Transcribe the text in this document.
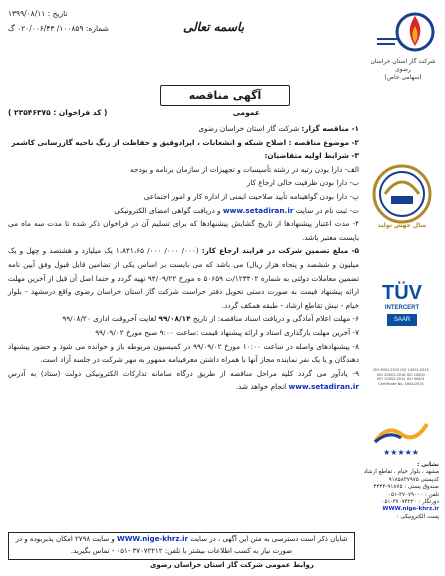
تاریخ : ۱۳۹۹/۰۸/۱۱
شماره: ۱۰۰۸۵۹/ ۰۲۰/۰۰۶/۴۳ گ	باسمه تعالی
شرکت گاز استان خراسان رضوی
(سهامی خاص)
آگهی مناقصه
عمومی
( کد فراخوان : ۲۳۵۴۶۳۷۵ )

۱- مناقصه گزار: شرکت گاز استان خراسان رضوی

۲- موضوع مناقصه : اصلاح شبکه و انشعابات ، ایزادوقیق و حفاظت از زنگ ناحیه گازرسانی کاشمر

۳- شرایط اولیه متقاضیان:

الف- دارا بودن رتبه در رشته تأسیسات و تجهیزات از سازمان برنامه و بودجه

ب- دارا بودن ظرفیت خالی ارجاع کار

پ- دارا بودن گواهینامه تأیید صلاحیت ایمنی از اداره کار و امور اجتماعی

ت- ثبت نام در سایت www.setadiran.ir و دریافت گواهی امضای الکترونیکی

۴- مدت اعتبار پیشنهادها از تاریخ گشایش پیشنهادها که برای تسلیم آن در فراخوان ذکر شده تا مدت سه ماه می بایست معتبر باشد.

۵- مبلغ تضمین شرکت در فرایند ارجاع کار: (۰۰۰/ ۰۰۰/ ۰۰۰/ ۱،۸۴۱،۶۵ یک میلیارد و هشتصد و چهل و یک میلیون و ششصد و پنجاه هزار ریال) می باشد که می بایست بر اساس یکی از تضامین قابل قبول وفق آیین نامه تضمین معاملات دولتی به شماره ۱۲۳۴۰۲/ت ۵۰۶۵۹ ه مورخ ۹۴/۰۹/۲۲ تهیه گردد و حتما اصل آن قبل از آخرین مهلت ارائه پیشنهاد قیمت به صورت دستی تحویل دفتر حراست شرکت گاز استان خراسان رضوی واقع درمشهد - بلوار خیام - نبش تقاطع ارشاد - طبقه همکف گردد.

۶- مهلت اعلام آمادگی و دریافت اسناد مناقصه: از تاریخ ۹۹/۰۸/۱۴ لغایت آخروقت اداری ۹۹/۰۸/۲۰

۷- آخرین مهلت بارگذاری اسناد و ارائه پیشنهاد قیمت :ساعت ۹:۰۰ صبح مورخ ۹۹/۰۹/۰۲

۸- پیشنهادهای واصله در ساعت ۱۰:۰۰ مورخ ۹۹/۰۹/۰۲ در کمیسیون مربوطه باز و خوانده می شود و حضور پیشنهاد دهندگان و یا یک نفر نماینده مجاز آنها با همراه داشتن معرفینامه ممهور به مهر شرکت در جلسه آزاد است.

۹- یادآور می گردد کلیه مراحل مناقصه از طریق درگاه سامانه تدارکات الکترونیکی دولت (ستاد) به آدرس www.setadiran.ir انجام خواهد شد.

سال جهش تولید
TÜV
INTERCERT
SAAR
ISO 9001:2015 ISO 14001:2015
ISO 45001:2018 ISO 10004
ISO 10002:2014 ISO 50001
Certificate No. 1604/2015
★★★★★
نشانی :
مشهد ، بلوار خیام ، تقاطع ارشاد
کدپستی ۹۱۸۵۸۳۷۹۷۵
صندوق پستی : ۹۱۸۷۵-۴۴۴۴
تلفن : ۳۷۰۷۹۰۰۰-۰۵۱
دورنگار : ۳۷۰۷۴۲۲۰-۰۵۱
WWW.nige-khrz.ir
پست الکترونیکی :
شایان ذکر است دسترسی به متن این آگهی ، در سایت WWW.nige-khrz.ir و سایت ۲۷۹۸ امکان پذیربوده و در
صورت نیاز به کسب اطلاعات بیشتر با تلفن: ۳۷۰۷۲۲۱۲ -۰۵۱ - تماس بگیرید.
روابط عمومی شرکت گاز استان خراسان رضوی
